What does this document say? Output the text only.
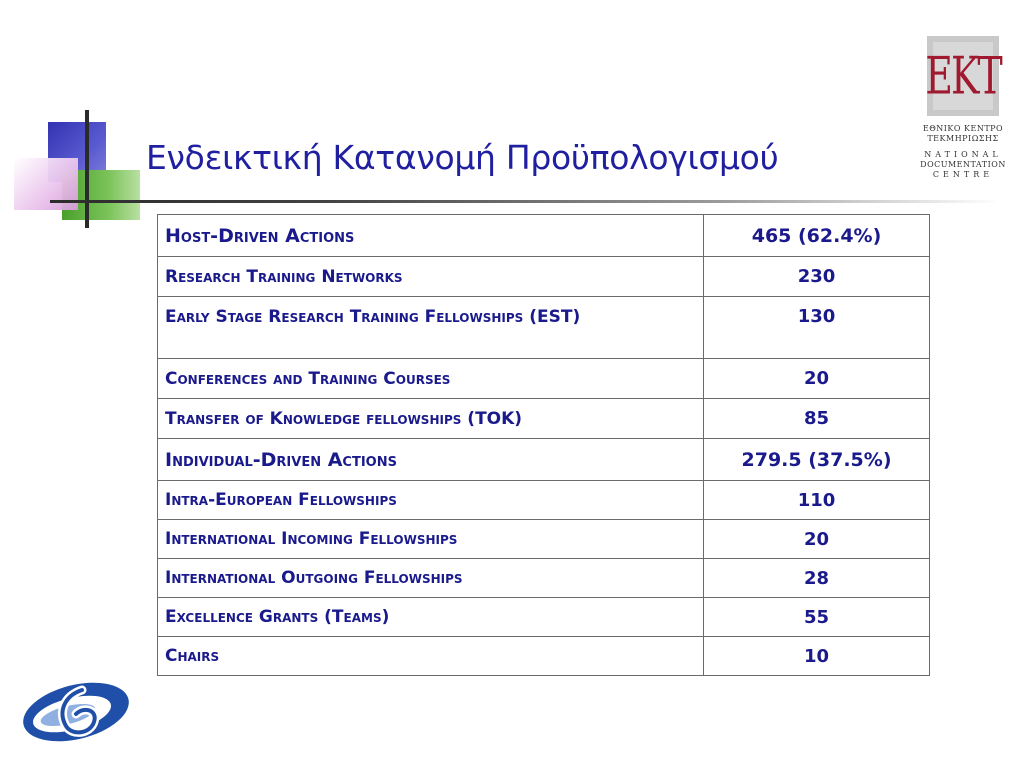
Ενδεικτική Κατανομή Προϋπολογισμού
EKT
ΕΘΝΙΚΟ ΚΕΝΤΡΟ
ΤΕΚΜΗΡΙΩΣΗΣ
NATIONAL
DOCUMENTATION
CENTRE
Host-Driven Actions	465 (62.4%)
Research Training Networks	230
Early Stage Research Training Fellowships (EST)	130
Conferences and Training Courses	20
Transfer of Knowledge fellowships (TOK)	85
Individual-Driven Actions	279.5 (37.5%)
Intra-European Fellowships	110
International Incoming Fellowships	20
International Outgoing Fellowships	28
Excellence Grants (Teams)	55
Chairs	10
